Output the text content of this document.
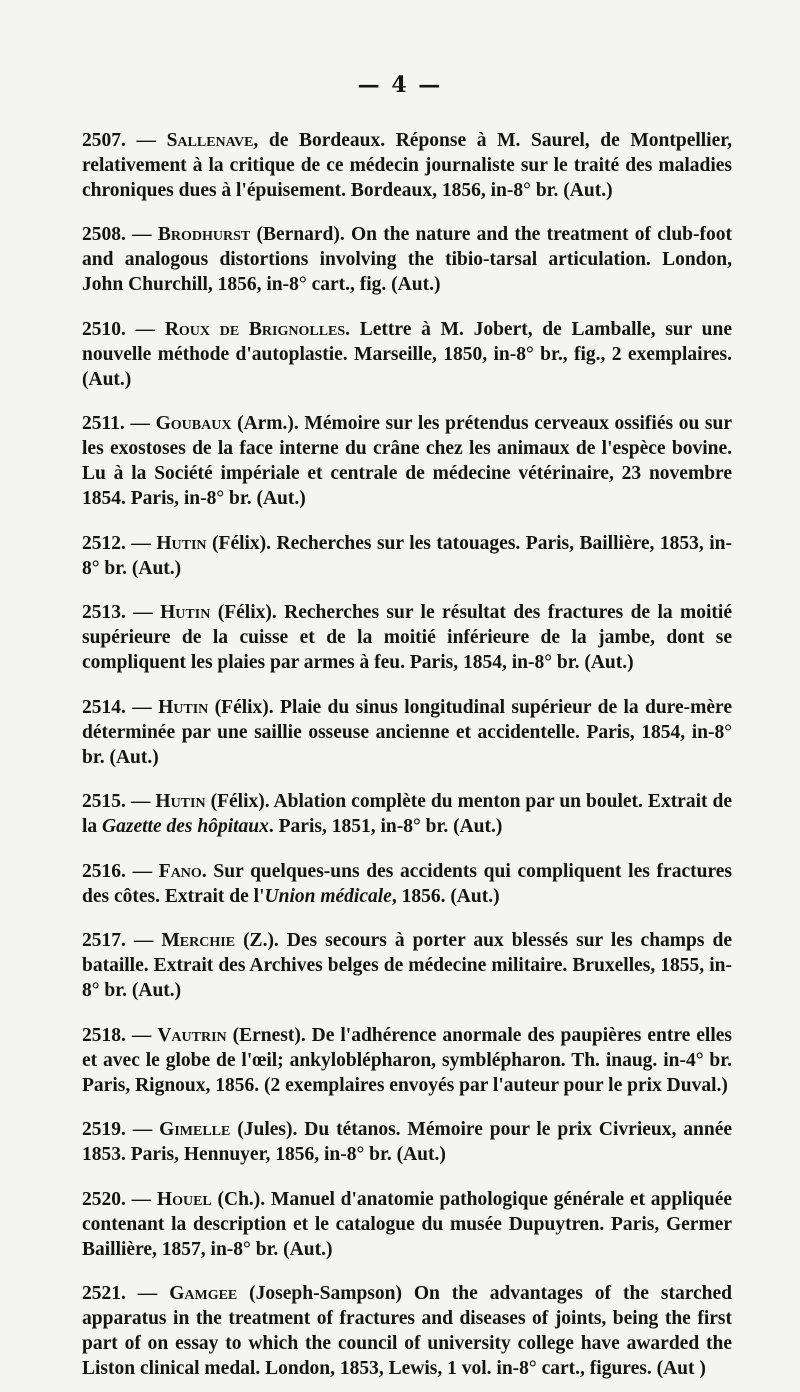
— 4 —

2507. — Sallenave, de Bordeaux. Réponse à M. Saurel, de Montpellier, relativement à la critique de ce médecin journaliste sur le traité des maladies chroniques dues à l'épuisement. Bordeaux, 1856, in-8° br. (Aut.)

2508. — Brodhurst (Bernard). On the nature and the treatment of club-foot and analogous distortions involving the tibio-tarsal articulation. London, John Churchill, 1856, in-8° cart., fig. (Aut.)

2510. — Roux de Brignolles. Lettre à M. Jobert, de Lamballe, sur une nouvelle méthode d'autoplastie. Marseille, 1850, in-8° br., fig., 2 exemplaires. (Aut.)

2511. — Goubaux (Arm.). Mémoire sur les prétendus cerveaux ossifiés ou sur les exostoses de la face interne du crâne chez les animaux de l'espèce bovine. Lu à la Société impériale et centrale de médecine vétérinaire, 23 novembre 1854. Paris, in-8° br. (Aut.)

2512. — Hutin (Félix). Recherches sur les tatouages. Paris, Baillière, 1853, in-8° br. (Aut.)

2513. — Hutin (Félix). Recherches sur le résultat des fractures de la moitié supérieure de la cuisse et de la moitié inférieure de la jambe, dont se compliquent les plaies par armes à feu. Paris, 1854, in-8° br. (Aut.)

2514. — Hutin (Félix). Plaie du sinus longitudinal supérieur de la dure-mère déterminée par une saillie osseuse ancienne et accidentelle. Paris, 1854, in-8° br. (Aut.)

2515. — Hutin (Félix). Ablation complète du menton par un boulet. Extrait de la Gazette des hôpitaux. Paris, 1851, in-8° br. (Aut.)

2516. — Fano. Sur quelques-uns des accidents qui compliquent les fractures des côtes. Extrait de l'Union médicale, 1856. (Aut.)

2517. — Merchie (Z.). Des secours à porter aux blessés sur les champs de bataille. Extrait des Archives belges de médecine militaire. Bruxelles, 1855, in-8° br. (Aut.)

2518. — Vautrin (Ernest). De l'adhérence anormale des paupières entre elles et avec le globe de l'œil; ankyloblépharon, symblépharon. Th. inaug. in-4° br. Paris, Rignoux, 1856. (2 exemplaires envoyés par l'auteur pour le prix Duval.)

2519. — Gimelle (Jules). Du tétanos. Mémoire pour le prix Civrieux, année 1853. Paris, Hennuyer, 1856, in-8° br. (Aut.)

2520. — Houel (Ch.). Manuel d'anatomie pathologique générale et appliquée contenant la description et le catalogue du musée Dupuytren. Paris, Germer Baillière, 1857, in-8° br. (Aut.)

2521. — Gamgee (Joseph-Sampson) On the advantages of the starched apparatus in the treatment of fractures and diseases of joints, being the first part of on essay to which the council of university college have awarded the Liston clinical medal. London, 1853, Lewis, 1 vol. in-8° cart., figures. (Aut )
